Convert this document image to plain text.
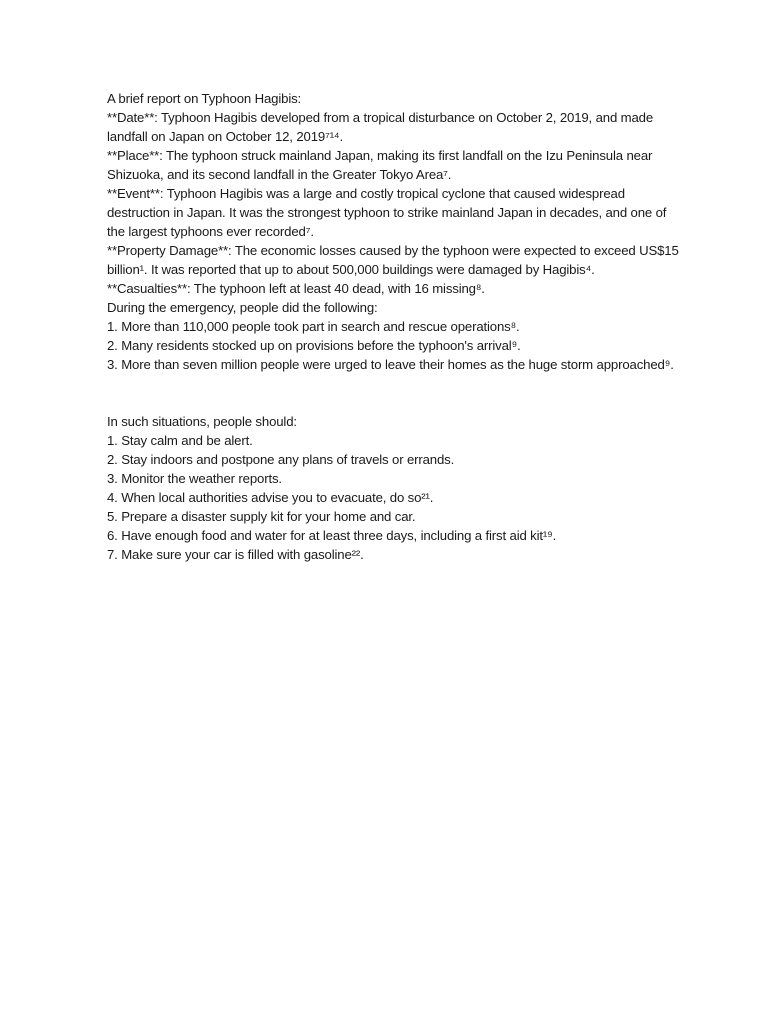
A brief report on Typhoon Hagibis:

**Date**: Typhoon Hagibis developed from a tropical disturbance on October 2, 2019, and made landfall on Japan on October 12, 2019⁷¹⁴.

**Place**: The typhoon struck mainland Japan, making its first landfall on the Izu Peninsula near Shizuoka, and its second landfall in the Greater Tokyo Area⁷.

**Event**: Typhoon Hagibis was a large and costly tropical cyclone that caused widespread destruction in Japan. It was the strongest typhoon to strike mainland Japan in decades, and one of the largest typhoons ever recorded⁷.

**Property Damage**: The economic losses caused by the typhoon were expected to exceed US$15 billion¹. It was reported that up to about 500,000 buildings were damaged by Hagibis⁴.

**Casualties**: The typhoon left at least 40 dead, with 16 missing⁸.

During the emergency, people did the following:

1. More than 110,000 people took part in search and rescue operations⁸.

2. Many residents stocked up on provisions before the typhoon's arrival⁹.

3. More than seven million people were urged to leave their homes as the huge storm approached⁹.

In such situations, people should:

1. Stay calm and be alert.

2. Stay indoors and postpone any plans of travels or errands.

3. Monitor the weather reports.

4. When local authorities advise you to evacuate, do so²¹.

5. Prepare a disaster supply kit for your home and car.

6. Have enough food and water for at least three days, including a first aid kit¹⁹.

7. Make sure your car is filled with gasoline²².
